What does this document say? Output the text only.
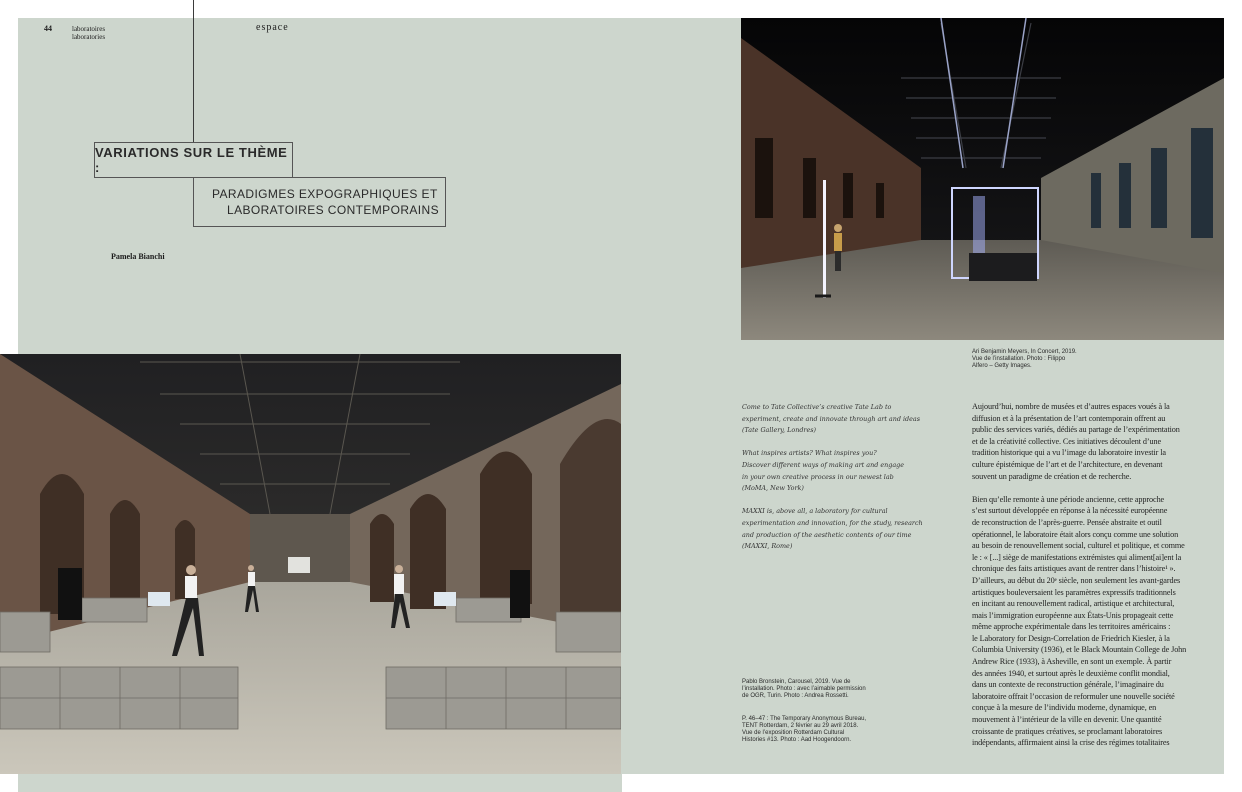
44	laboratoires
laboratories
espace
VARIATIONS SUR LE THÈME :
PARADIGMES EXPOGRAPHIQUES ET
LABORATOIRES CONTEMPORAINS
Pamela Bianchi
Ari Benjamin Meyers, In Concert, 2019.
Vue de l’installation. Photo : Filippo
Alfero – Getty Images.

Come to Tate Collective’s creative Tate Lab to
experiment, create and innovate through art and ideas
(Tate Gallery, Londres)

What inspires artists? What inspires you?
Discover different ways of making art and engage
in your own creative process in our newest lab
(MoMA, New York)

MAXXI is, above all, a laboratory for cultural
experimentation and innovation, for the study, research
and production of the aesthetic contents of our time
(MAXXI, Rome)

Pablo Bronstein, Carousel, 2019. Vue de
l’installation. Photo : avec l’aimable permission
de OGR, Turin. Photo : Andrea Rossetti.
P. 46–47 : The Temporary Anonymous Bureau,
TENT Rotterdam, 2 février au 29 avril 2018.
Vue de l’exposition Rotterdam Cultural
Histories #13. Photo : Aad Hoogendoorn.

Aujourd’hui, nombre de musées et d’autres espaces voués à la
diffusion et à la présentation de l’art contemporain offrent au
public des services variés, dédiés au partage de l’expérimentation
et de la créativité collective. Ces initiatives découlent d’une
tradition historique qui a vu l’image du laboratoire investir la
culture épistémique de l’art et de l’architecture, en devenant
souvent un paradigme de création et de recherche.

Bien qu’elle remonte à une période ancienne, cette approche
s’est surtout développée en réponse à la nécessité européenne
de reconstruction de l’après-guerre. Pensée abstraite et outil
opérationnel, le laboratoire était alors conçu comme une solution
au besoin de renouvellement social, culturel et politique, et comme
le : « [...] siège de manifestations extrémistes qui aliment[ai]ent la
chronique des faits artistiques avant de rentrer dans l’histoire¹ ».
D’ailleurs, au début du 20ᵉ siècle, non seulement les avant-gardes
artistiques bouleversaient les paramètres expressifs traditionnels
en incitant au renouvellement radical, artistique et architectural,
mais l’immigration européenne aux États-Unis propageait cette
même approche expérimentale dans les territoires américains :
le Laboratory for Design-Correlation de Friedrich Kiesler, à la
Columbia University (1936), et le Black Mountain College de John
Andrew Rice (1933), à Asheville, en sont un exemple. À partir
des années 1940, et surtout après le deuxième conflit mondial,
dans un contexte de reconstruction générale, l’imaginaire du
laboratoire offrait l’occasion de reformuler une nouvelle société
conçue à la mesure de l’individu moderne, dynamique, en
mouvement à l’intérieur de la ville en devenir. Une quantité
croissante de pratiques créatives, se proclamant laboratoires
indépendants, affirmaient ainsi la crise des régimes totalitaires
